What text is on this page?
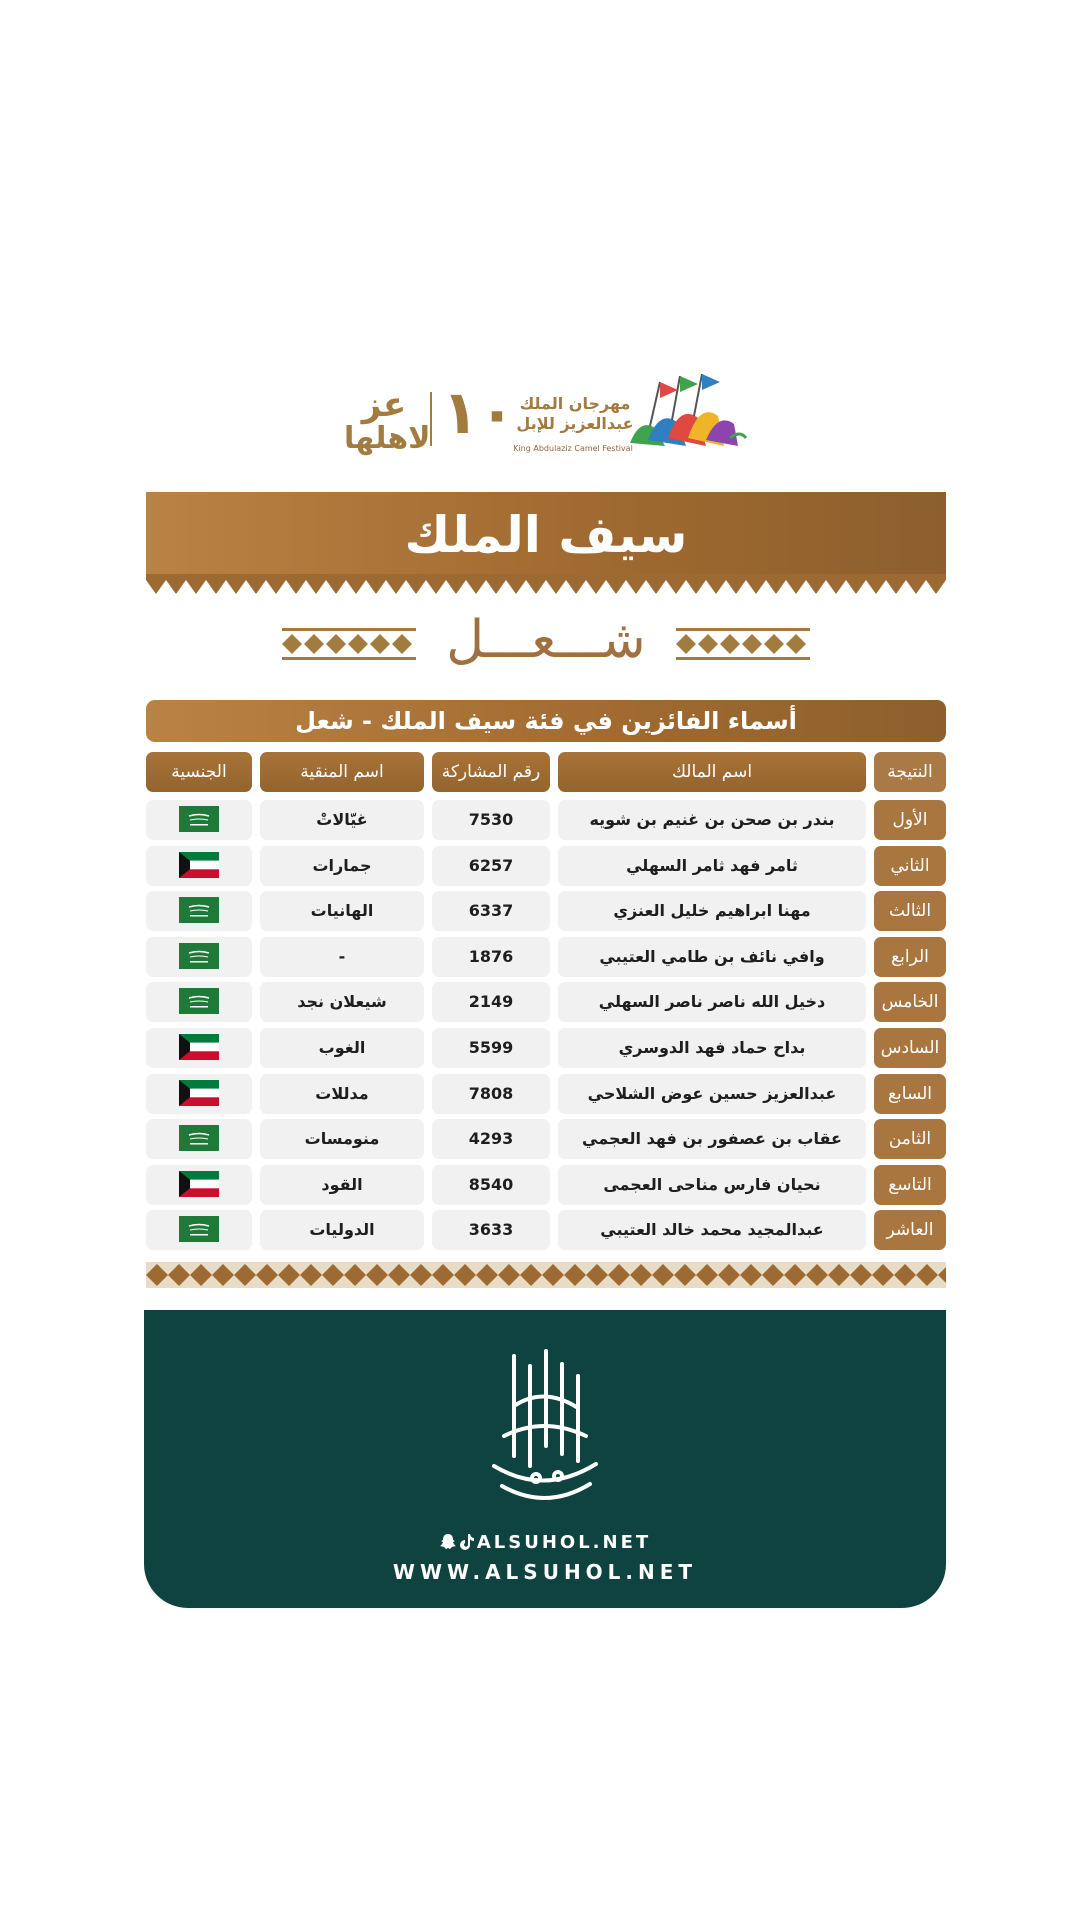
عز
لاهلها ١٠ مهرجان الملك
عبدالعزيز للإبل
King Abdulaziz Camel Festival
سيف الملك
شـــعـــل
أسماء الفائزين في فئة سيف الملك - شعل
النتيجة
اسم المالك
رقم المشاركة
اسم المنقية
الجنسية
الأول
بندر بن صحن بن غنيم بن شويه
7530
غيّالاتْ
الثاني
ثامر فهد ثامر السهلي
6257
جمارات
الثالث
مهنا ابراهيم خليل العنزي
6337
الهانيات
الرابع
وافي نائف بن طامي العتيبي
1876
-
الخامس
دخيل الله ناصر ناصر السهلي
2149
شيعلان نجد
السادس
بداح حماد فهد الدوسري
5599
الغوب
السابع
عبدالعزيز حسين عوض الشلاحي
7808
مدللات
الثامن
عقاب بن عصفور بن فهد العجمي
4293
منومسات
التاسع
نحيان فارس مناحى العجمى
8540
القود
العاشر
عبدالمجيد محمد خالد العتيبي
3633
الدوليات
ALSUHOL.NET
WWW.ALSUHOL.NET
